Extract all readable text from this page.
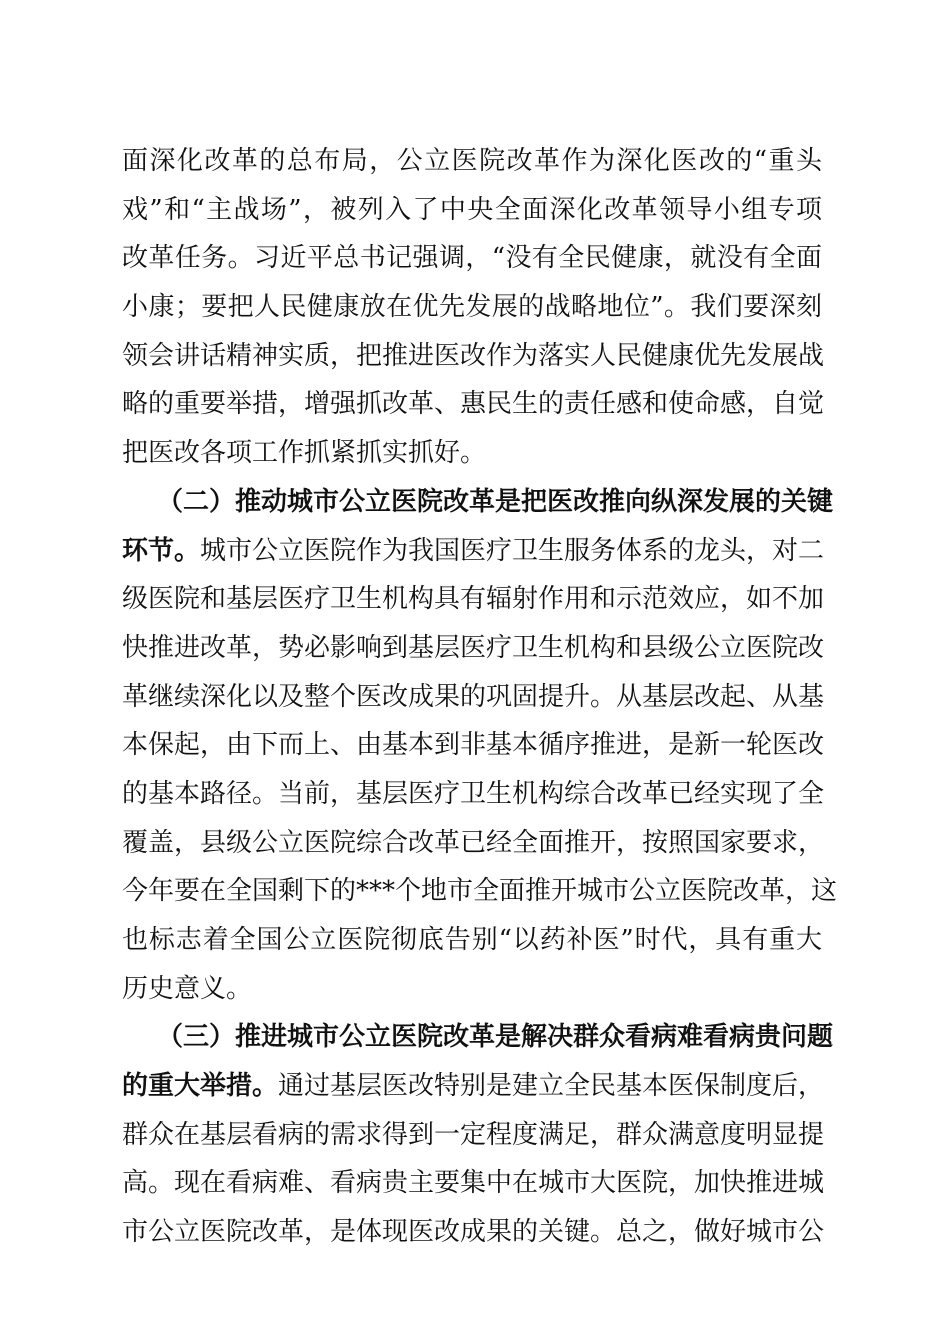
面深化改革的总布局，公立医院改革作为深化医改的“重头
戏”和“主战场”，被列入了中央全面深化改革领导小组专项
改革任务。习近平总书记强调，“没有全民健康，就没有全面
小康；要把人民健康放在优先发展的战略地位”。我们要深刻
领会讲话精神实质，把推进医改作为落实人民健康优先发展战
略的重要举措，增强抓改革、惠民生的责任感和使命感，自觉
把医改各项工作抓紧抓实抓好。
（二）推动城市公立医院改革是把医改推向纵深发展的关键
环节。城市公立医院作为我国医疗卫生服务体系的龙头，对二
级医院和基层医疗卫生机构具有辐射作用和示范效应，如不加
快推进改革，势必影响到基层医疗卫生机构和县级公立医院改
革继续深化以及整个医改成果的巩固提升。从基层改起、从基
本保起，由下而上、由基本到非基本循序推进，是新一轮医改
的基本路径。当前，基层医疗卫生机构综合改革已经实现了全
覆盖，县级公立医院综合改革已经全面推开，按照国家要求，
今年要在全国剩下的***个地市全面推开城市公立医院改革，这
也标志着全国公立医院彻底告别“以药补医”时代，具有重大
历史意义。
（三）推进城市公立医院改革是解决群众看病难看病贵问题
的重大举措。通过基层医改特别是建立全民基本医保制度后，
群众在基层看病的需求得到一定程度满足，群众满意度明显提
高。现在看病难、看病贵主要集中在城市大医院，加快推进城
市公立医院改革，是体现医改成果的关键。总之，做好城市公
